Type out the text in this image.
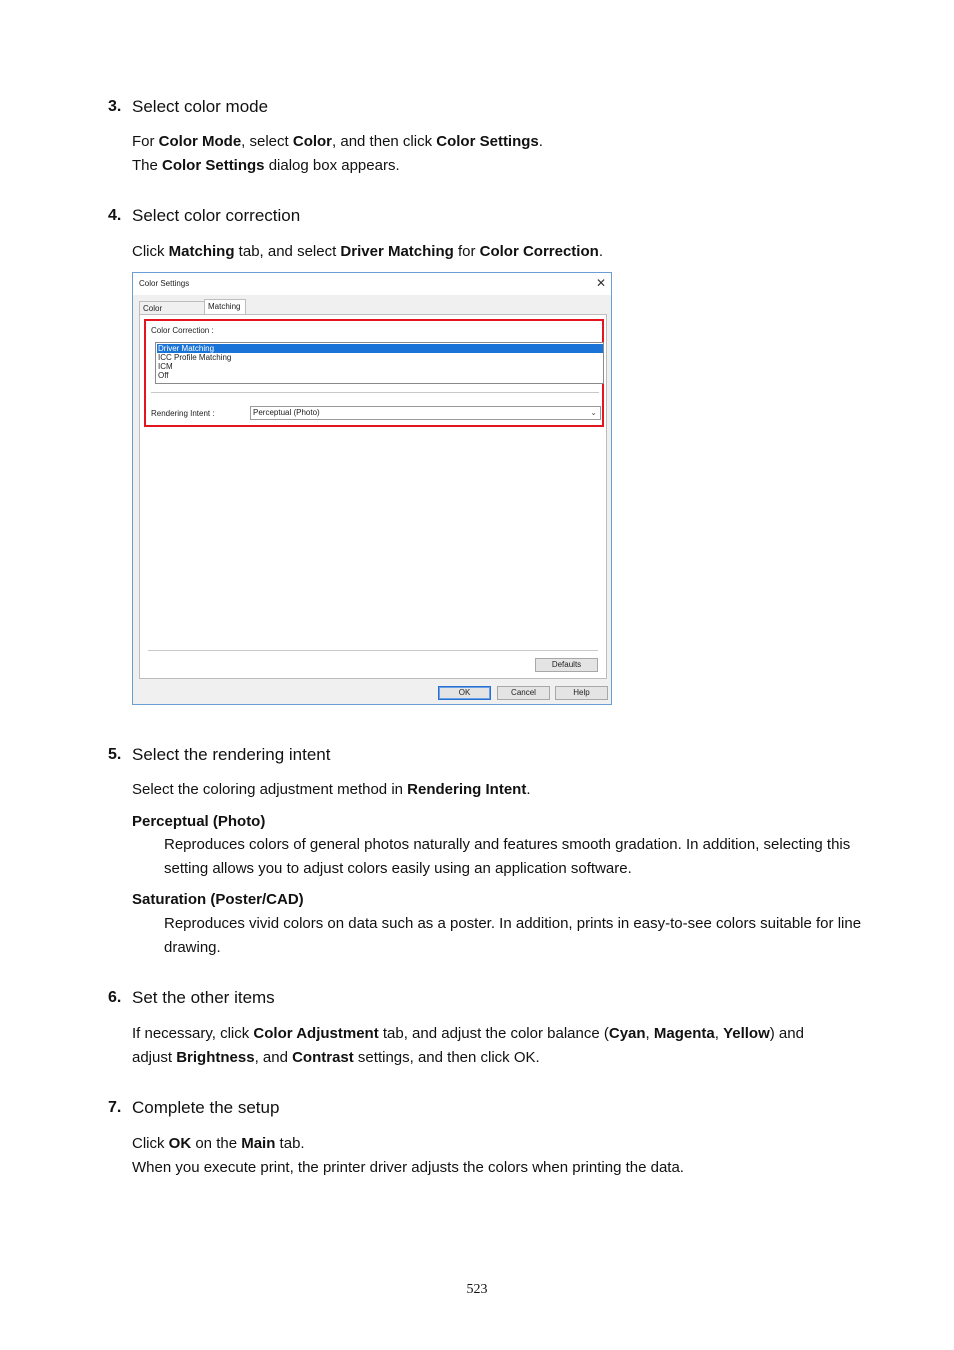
3. Select color mode
For Color Mode, select Color, and then click Color Settings.
The Color Settings dialog box appears.
4. Select color correction
Click Matching tab, and select Driver Matching for Color Correction.
Color Settings	✕
Color	Matching
Color Correction :
Driver Matching
ICC Profile Matching
ICM
Off
Rendering Intent :	Perceptual (Photo)	⌄
Defaults
OK	Cancel	Help
5. Select the rendering intent
Select the coloring adjustment method in Rendering Intent.
Perceptual (Photo)
Reproduces colors of general photos naturally and features smooth gradation. In addition, selecting this setting allows you to adjust colors easily using an application software.
Saturation (Poster/CAD)
Reproduces vivid colors on data such as a poster. In addition, prints in easy-to-see colors suitable for line drawing.
6. Set the other items
If necessary, click Color Adjustment tab, and adjust the color balance (Cyan, Magenta, Yellow) and
adjust Brightness, and Contrast settings, and then click OK.
7. Complete the setup
Click OK on the Main tab.
When you execute print, the printer driver adjusts the colors when printing the data.
523
